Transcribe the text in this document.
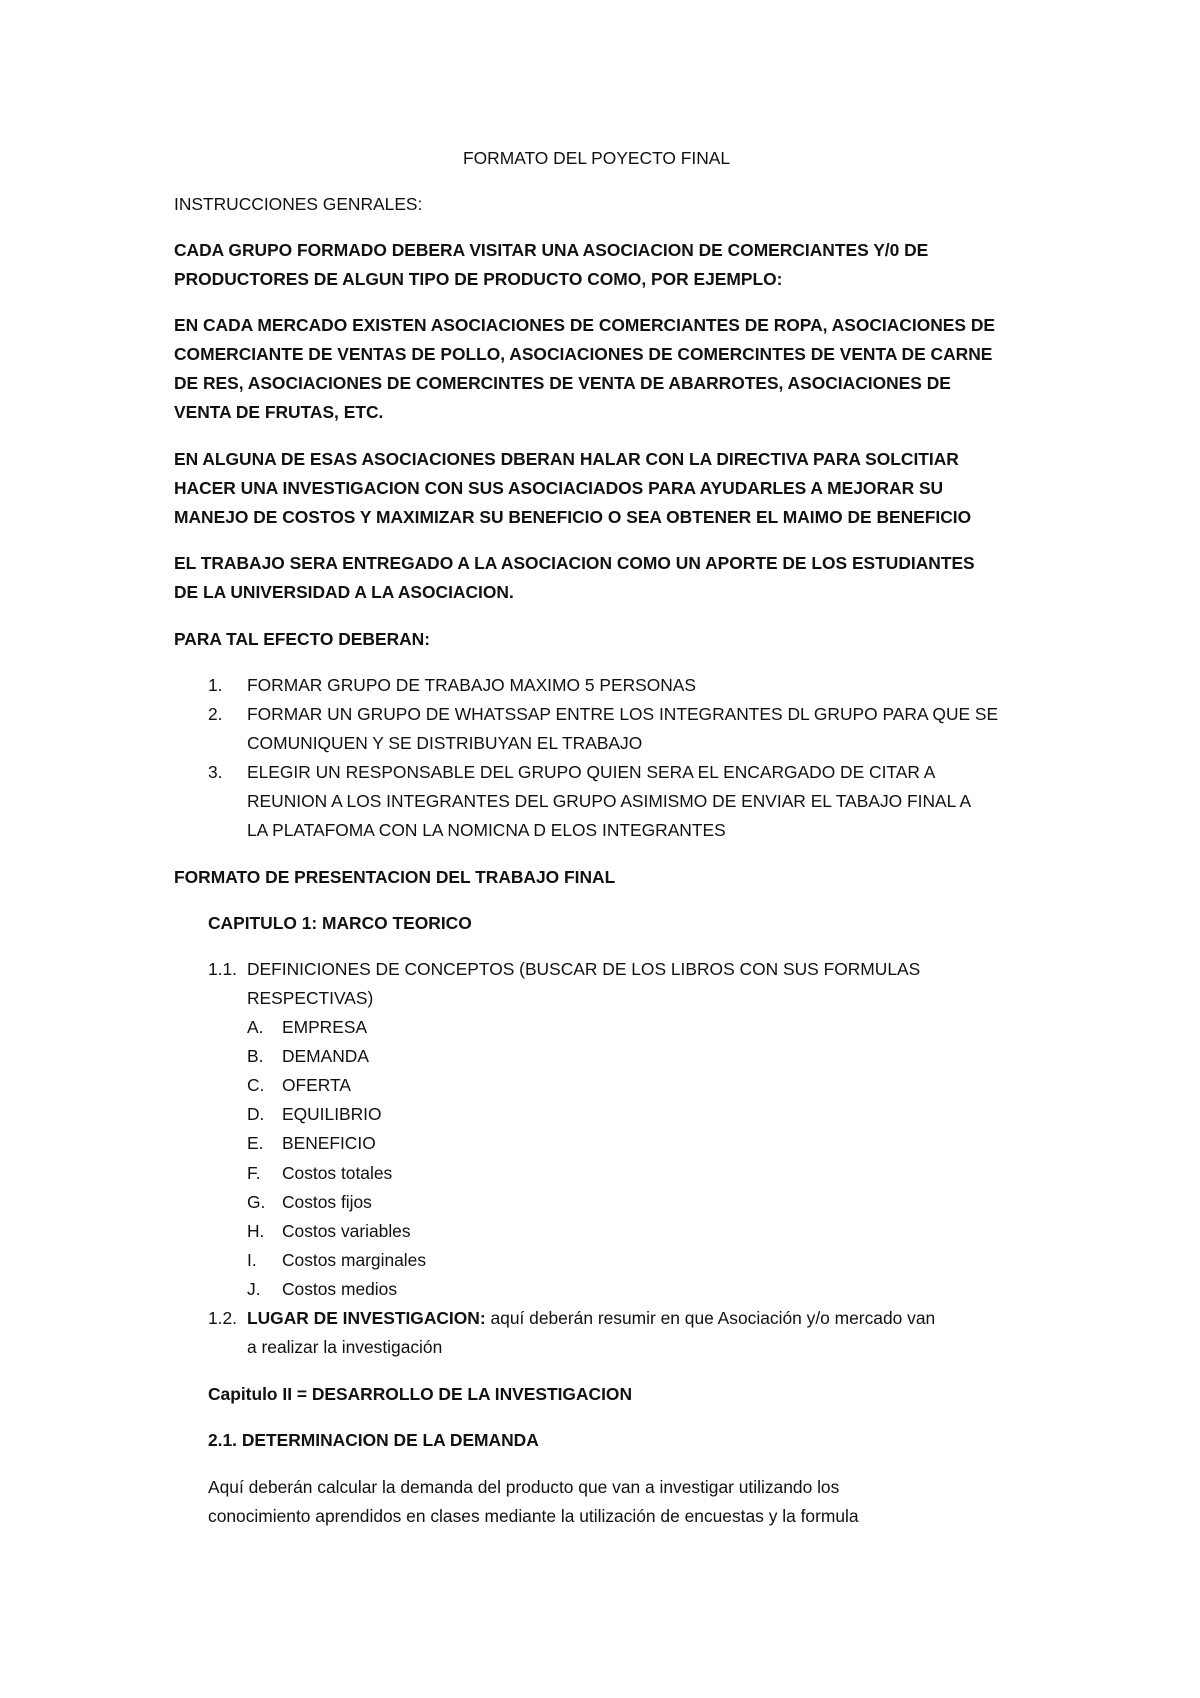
FORMATO DEL POYECTO FINAL
INSTRUCCIONES GENRALES:
CADA GRUPO FORMADO DEBERA VISITAR UNA ASOCIACION DE COMERCIANTES Y/0 DE
PRODUCTORES DE ALGUN TIPO DE PRODUCTO COMO, POR EJEMPLO:
EN CADA MERCADO EXISTEN ASOCIACIONES DE COMERCIANTES DE ROPA, ASOCIACIONES DE
COMERCIANTE DE VENTAS DE POLLO, ASOCIACIONES DE COMERCINTES DE VENTA DE CARNE
DE RES, ASOCIACIONES DE COMERCINTES DE VENTA DE ABARROTES, ASOCIACIONES DE
VENTA DE FRUTAS, ETC.
EN ALGUNA DE ESAS ASOCIACIONES DBERAN HALAR CON LA DIRECTIVA PARA SOLCITIAR
HACER UNA INVESTIGACION CON SUS ASOCIACIADOS PARA AYUDARLES A MEJORAR SU
MANEJO DE COSTOS Y MAXIMIZAR SU BENEFICIO O SEA OBTENER EL MAIMO DE BENEFICIO
EL TRABAJO SERA ENTREGADO A LA ASOCIACION COMO UN APORTE DE LOS ESTUDIANTES
DE LA UNIVERSIDAD A LA ASOCIACION.
PARA TAL EFECTO DEBERAN:
1. FORMAR GRUPO DE TRABAJO MAXIMO 5 PERSONAS
2. FORMAR UN GRUPO DE WHATSSAP ENTRE LOS INTEGRANTES DL GRUPO PARA QUE SE
COMUNIQUEN Y SE DISTRIBUYAN EL TRABAJO
3. ELEGIR UN RESPONSABLE DEL GRUPO QUIEN SERA EL ENCARGADO DE CITAR A
REUNION A LOS INTEGRANTES DEL GRUPO ASIMISMO DE ENVIAR EL TABAJO FINAL A
LA PLATAFOMA CON LA NOMICNA D ELOS INTEGRANTES
FORMATO DE PRESENTACION DEL TRABAJO FINAL
CAPITULO 1: MARCO TEORICO
1.1. DEFINICIONES DE CONCEPTOS (BUSCAR DE LOS LIBROS CON SUS FORMULAS
RESPECTIVAS)
A. EMPRESA
B. DEMANDA
C. OFERTA
D. EQUILIBRIO
E. BENEFICIO
F. Costos totales
G. Costos fijos
H. Costos variables
I. Costos marginales
J. Costos medios
1.2. LUGAR DE INVESTIGACION: aquí deberán resumir en que Asociación y/o mercado van
a realizar la investigación
Capitulo II = DESARROLLO DE LA INVESTIGACION
2.1. DETERMINACION DE LA DEMANDA
Aquí deberán calcular la demanda del producto que van a investigar utilizando los
conocimiento aprendidos en clases mediante la utilización de encuestas y la formula
